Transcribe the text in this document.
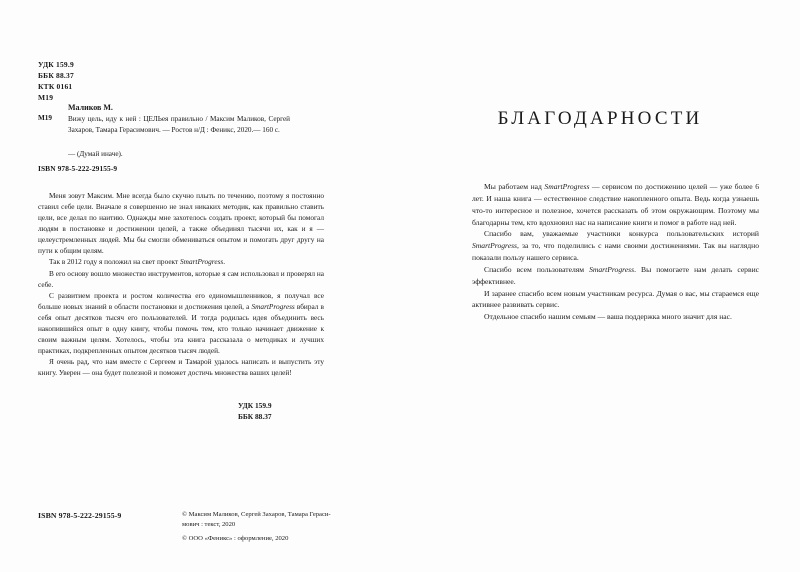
УДК 159.9
ББК 88.37
КТК 0161
М19
Маликов М.
М19 Вижу цель, иду к ней : ЦЕЛЬея правильно / Максим Маликов, Сергей Захаров, Тамара Герасимович. — Ростов н/Д : Феникс, 2020.— 160 с.
— (Думай иначе).
ISBN 978-5-222-29155-9

Меня зовут Максим. Мне всегда было скучно плыть по течению, поэтому я постоянно ставил себе цели. Вначале я совершенно не знал никаких методик, как правильно ставить цели, все делал по наитию. Однажды мне захотелось создать проект, который бы помогал людям в постановке и достижении целей, а также объединял тысячи их, как и я — целеустремленных людей. Мы бы смогли обмениваться опытом и помогать друг другу на пути к общим целям.

Так в 2012 году я положил на свет проект SmartProgress.

В его основу вошло множество инструментов, которые я сам использовал и проверял на себе.

С развитием проекта и ростом количества его единомышленников, я получал все больше новых знаний в области постановки и достижения целей, а SmartProgress вбирал в себя опыт десятков тысяч его пользователей. И тогда родилась идея объединить весь накопившийся опыт в одну книгу, чтобы помочь тем, кто только начинает движение к своим важным целям. Хотелось, чтобы эта книга рассказала о методиках и лучших практиках, подкрепленных опытом десятков тысяч людей.

Я очень рад, что нам вместе с Сергеем и Тамарой удалось написать и выпустить эту книгу. Уверен — она будет полезной и поможет достичь множества ваших целей!

УДК 159.9
ББК 88.37
ISBN 978-5-222-29155-9	© Максим Маликов, Сергей Захаров, Тамара Гераси-
мович : текст, 2020
© ООО «Феникс» : оформление, 2020
БЛАГОДАРНОСТИ

Мы работаем над SmartProgress — сервисом по достижению целей — уже более 6 лет. И наша книга — естественное следствие накопленного опыта. Ведь когда узнаешь что-то интересное и полезное, хочется рассказать об этом окружающим. Поэтому мы благодарны тем, кто вдохновил нас на написание книги и помог в работе над ней.

Спасибо вам, уважаемые участники конкурса пользовательских историй SmartProgress, за то, что поделились с нами своими достижениями. Так вы наглядно показали пользу нашего сервиса.

Спасибо всем пользователям SmartProgress. Вы помогаете нам делать сервис эффективнее.

И заранее спасибо всем новым участникам ресурса. Думая о вас, мы стараемся еще активнее развивать сервис.

Отдельное спасибо нашим семьям — ваша поддержка много значит для нас.
